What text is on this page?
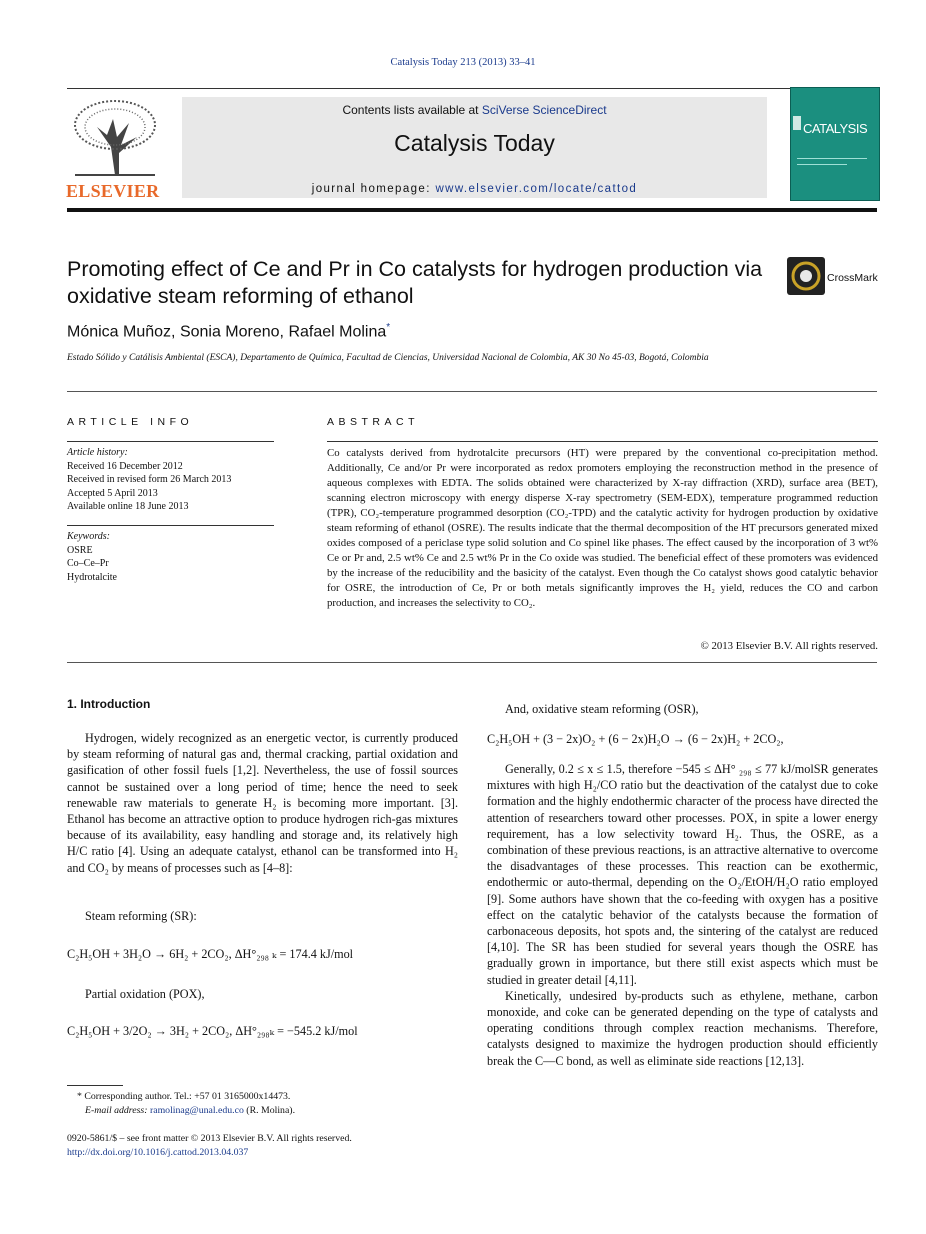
Catalysis Today 213 (2013) 33–41
ELSEVIER
Contents lists available at SciVerse ScienceDirect
Catalysis Today
journal homepage: www.elsevier.com/locate/cattod
CATALYSIS
Promoting effect of Ce and Pr in Co catalysts for hydrogen production via oxidative steam reforming of ethanol
CrossMark
Mónica Muñoz, Sonia Moreno, Rafael Molina*
Estado Sólido y Catálisis Ambiental (ESCA), Departamento de Química, Facultad de Ciencias, Universidad Nacional de Colombia, AK 30 No 45-03, Bogotá, Colombia
ARTICLE INFO
Article history:
Received 16 December 2012
Received in revised form 26 March 2013
Accepted 5 April 2013
Available online 18 June 2013
Keywords:
OSRE
Co–Ce–Pr
Hydrotalcite
ABSTRACT
Co catalysts derived from hydrotalcite precursors (HT) were prepared by the conventional co-precipitation method. Additionally, Ce and/or Pr were incorporated as redox promoters employing the reconstruction method in the presence of aqueous complexes with EDTA. The solids obtained were characterized by X-ray diffraction (XRD), surface area (BET), scanning electron microscopy with energy disperse X-ray spectrometry (SEM-EDX), temperature programmed reduction (TPR), CO₂-temperature programmed desorption (CO₂-TPD) and the catalytic activity for hydrogen production by oxidative steam reforming of ethanol (OSRE). The results indicate that the thermal decomposition of the HT precursors generated mixed oxides composed of a periclase type solid solution and Co spinel like phases. The effect caused by the incorporation of 3 wt% Ce or Pr and, 2.5 wt% Ce and 2.5 wt% Pr in the Co oxide was studied. The beneficial effect of these promoters was evidenced by the increase of the reducibility and the basicity of the catalyst. Even though the Co catalyst shows good catalytic behavior for OSRE, the introduction of Ce, Pr or both metals significantly improves the H₂ yield, reduces the CO and carbon production, and increases the selectivity to CO₂.
© 2013 Elsevier B.V. All rights reserved.
1. Introduction

Hydrogen, widely recognized as an energetic vector, is currently produced by steam reforming of natural gas and, thermal cracking, partial oxidation and gasification of other fossil fuels [1,2]. Nevertheless, the use of fossil sources cannot be sustained over a long period of time; hence the need to seek renewable raw materials to generate H₂ is becoming more important. [3]. Ethanol has become an attractive option to produce hydrogen rich-gas mixtures because of its availability, easy handling and storage and, its relatively high H/C ratio [4]. Using an adequate catalyst, ethanol can be transformed into H₂ and CO₂ by means of processes such as [4–8]:

Steam reforming (SR):
C₂H₅OH + 3H₂O → 6H₂ + 2CO₂, ΔH°₂₉₈ ₖ = 174.4 kJ/mol
Partial oxidation (POX),
C₂H₅OH + 3/2O₂ → 3H₂ + 2CO₂, ΔH°₂₉₈ₖ = −545.2 kJ/mol
And, oxidative steam reforming (OSR),
C₂H₅OH + (3 − 2x)O₂ + (6 − 2x)H₂O → (6 − 2x)H₂ + 2CO₂,

Generally, 0.2 ≤ x ≤ 1.5, therefore −545 ≤ ΔH° ₂₉₈ ≤ 77 kJ/molSR generates mixtures with high H₂/CO ratio but the deactivation of the catalyst due to coke formation and the highly endothermic character of the process have directed the attention of researchers toward other processes. POX, in spite a lower energy requirement, has a low selectivity toward H₂. Thus, the OSRE, as a combination of these previous reactions, is an attractive alternative to overcome the disadvantages of these processes. This reaction can be exothermic, endothermic or auto-thermal, depending on the O₂/EtOH/H₂O ratio employed [9]. Some authors have shown that the co-feeding with oxygen has a positive effect on the catalytic behavior of the catalysts because the formation of carbonaceous deposits, hot spots and, the sintering of the catalyst are reduced [4,10]. The SR has been studied for several years though the OSRE has gradually grown in importance, but there still exist aspects which must be studied in greater detail [4,11].

Kinetically, undesired by-products such as ethylene, methane, carbon monoxide, and coke can be generated depending on the type of catalysts and operating conditions through complex reaction mechanisms. Therefore, catalysts designed to maximize the hydrogen production should efficiently break the C—C bond, as well as eliminate side reactions [12,13].

* Corresponding author. Tel.: +57 01 3165000x14473.
E-mail address: ramolinag@unal.edu.co (R. Molina).
0920-5861/$ – see front matter © 2013 Elsevier B.V. All rights reserved.
http://dx.doi.org/10.1016/j.cattod.2013.04.037
